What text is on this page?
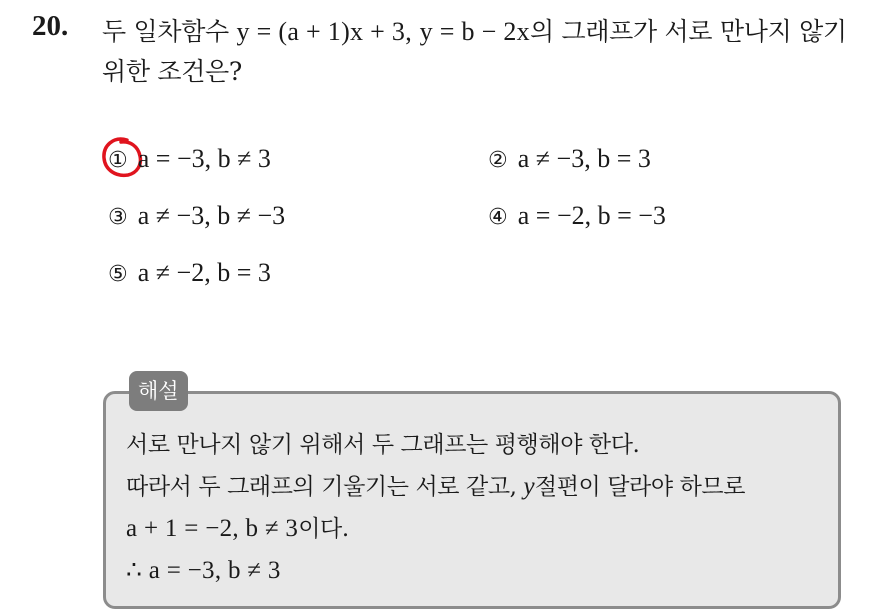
20. 두 일차함수 y = (a + 1)x + 3, y = b − 2x의 그래프가 서로 만나지 않기 위한 조건은?
① a = −3, b ≠ 3	② a ≠ −3, b = 3
③ a ≠ −3, b ≠ −3	④ a = −2, b = −3
⑤ a ≠ −2, b = 3
해설
서로 만나지 않기 위해서 두 그래프는 평행해야 한다.
따라서 두 그래프의 기울기는 서로 같고, y절편이 달라야 하므로
a + 1 = −2, b ≠ 3이다.
∴ a = −3, b ≠ 3
